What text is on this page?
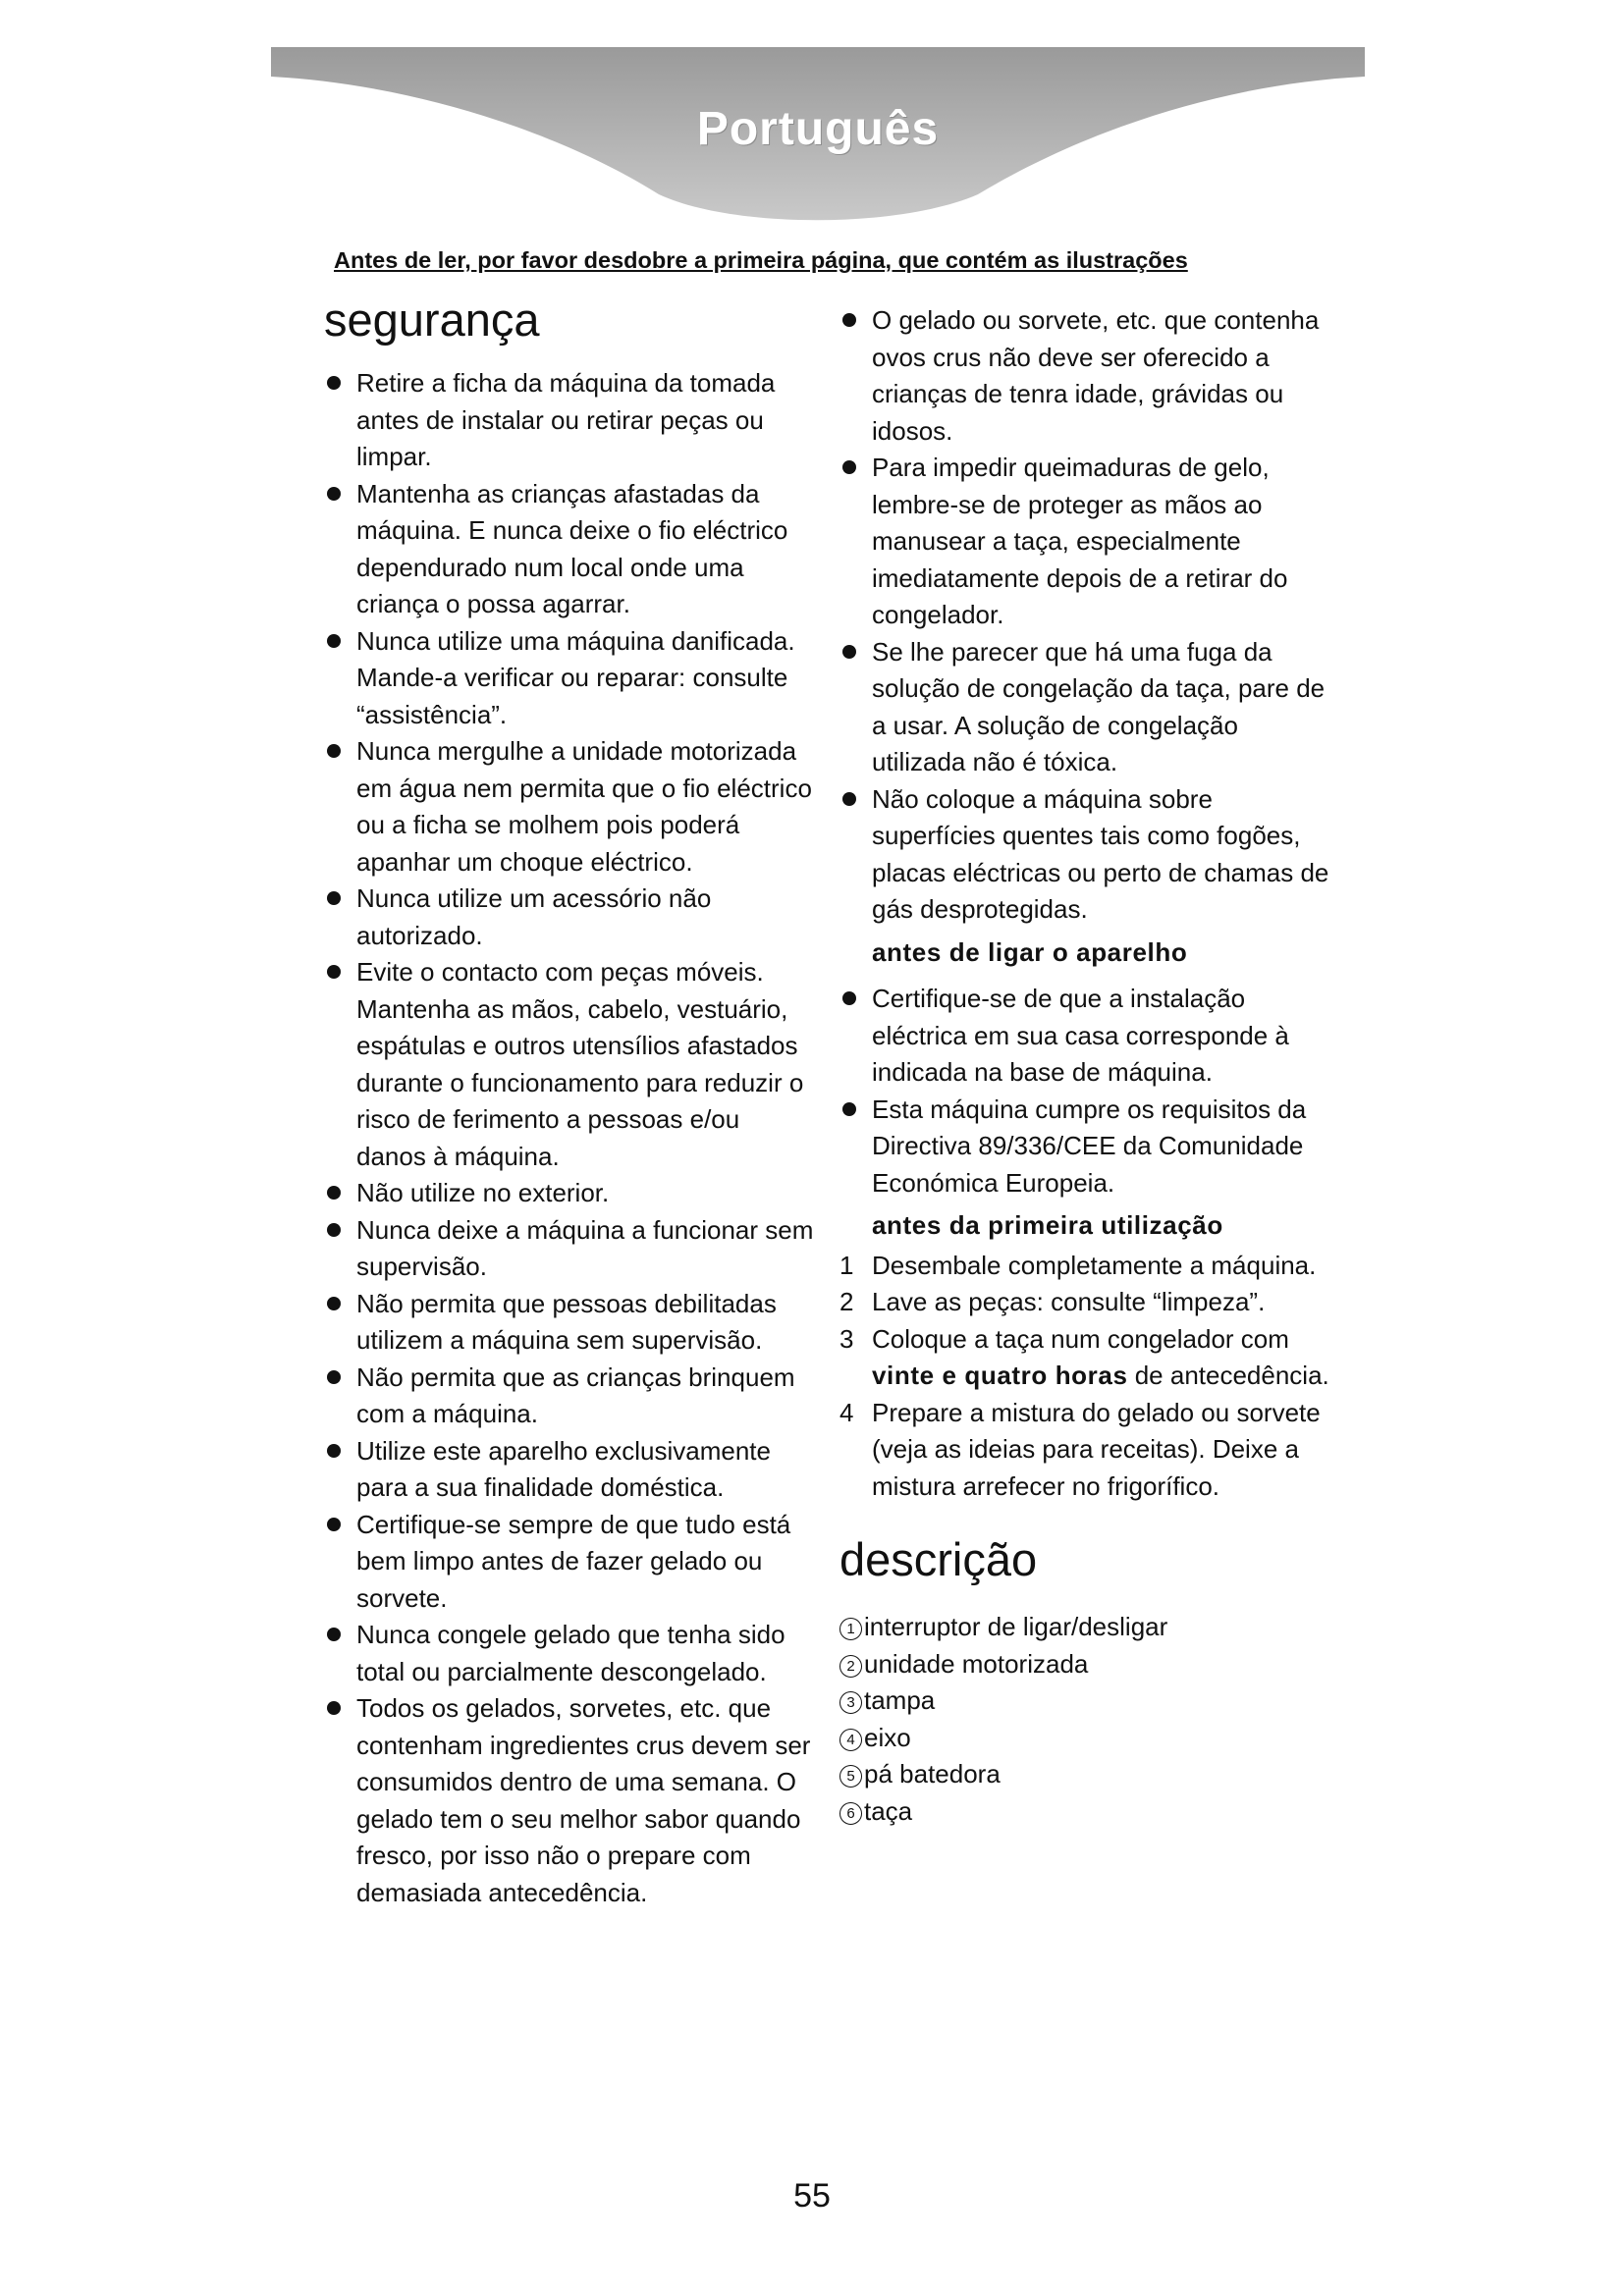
Português
Antes de ler, por favor desdobre a primeira página, que contém as ilustrações
segurança
Retire a ficha da máquina da tomada antes de instalar ou retirar peças ou limpar.
Mantenha as crianças afastadas da máquina. E nunca deixe o fio eléctrico dependurado num local onde uma criança o possa agarrar.
Nunca utilize uma máquina danificada. Mande-a verificar ou reparar: consulte “assistência”.
Nunca mergulhe a unidade motorizada em água nem permita que o fio eléctrico ou a ficha se molhem pois poderá apanhar um choque eléctrico.
Nunca utilize um acessório não autorizado.
Evite o contacto com peças móveis. Mantenha as mãos, cabelo, vestuário, espátulas e outros utensílios afastados durante o funcionamento para reduzir o risco de ferimento a pessoas e/ou danos à máquina.
Não utilize no exterior.
Nunca deixe a máquina a funcionar sem supervisão.
Não permita que pessoas debilitadas utilizem a máquina sem supervisão.
Não permita que as crianças brinquem com a máquina.
Utilize este aparelho exclusivamente para a sua finalidade doméstica.
Certifique-se sempre de que tudo está bem limpo antes de fazer gelado ou sorvete.
Nunca congele gelado que tenha sido total ou parcialmente descongelado.
Todos os gelados, sorvetes, etc. que contenham ingredientes crus devem ser consumidos dentro de uma semana. O gelado tem o seu melhor sabor quando fresco, por isso não o prepare com demasiada antecedência.
O gelado ou sorvete, etc. que contenha ovos crus não deve ser oferecido a crianças de tenra idade, grávidas ou idosos.
Para impedir queimaduras de gelo, lembre-se de proteger as mãos ao manusear a taça, especialmente imediatamente depois de a retirar do congelador.
Se lhe parecer que há uma fuga da solução de congelação da taça, pare de a usar. A solução de congelação utilizada não é tóxica.
Não coloque a máquina sobre superfícies quentes tais como fogões, placas eléctricas ou perto de chamas de gás desprotegidas.
antes de ligar o aparelho
Certifique-se de que a instalação eléctrica em sua casa corresponde à indicada na base de máquina.
Esta máquina cumpre os requisitos da Directiva 89/336/CEE da Comunidade Económica Europeia.
antes da primeira utilização
1 Desembale completamente a máquina.
2 Lave as peças: consulte “limpeza”.
3 Coloque a taça num congelador com vinte e quatro horas de antecedência.
4 Prepare a mistura do gelado ou sorvete (veja as ideias para receitas). Deixe a mistura arrefecer no frigorífico.
descrição
1 interruptor de ligar/desligar
2 unidade motorizada
3 tampa
4 eixo
5 pá batedora
6 taça
55
